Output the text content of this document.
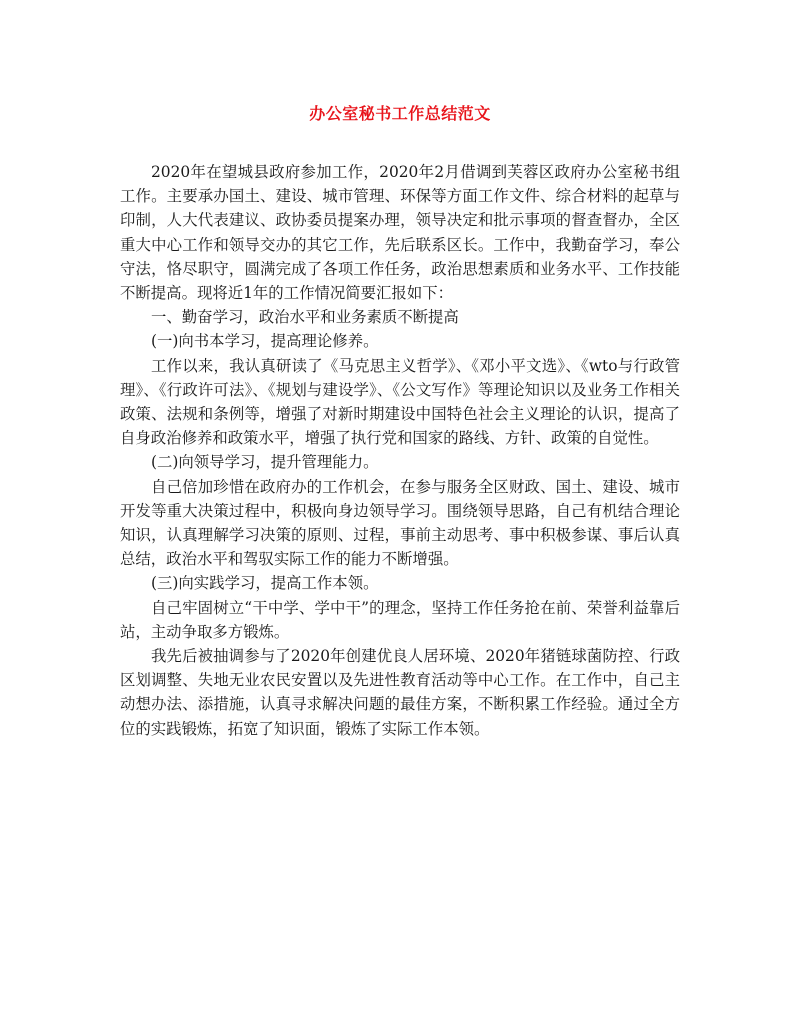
办公室秘书工作总结范文

2020年在望城县政府参加工作，2020年2月借调到芙蓉区政府办公室秘书组工作。主要承办国土、建设、城市管理、环保等方面工作文件、综合材料的起草与印制，人大代表建议、政协委员提案办理，领导决定和批示事项的督查督办，全区重大中心工作和领导交办的其它工作，先后联系区长。工作中，我勤奋学习，奉公守法，恪尽职守，圆满完成了各项工作任务，政治思想素质和业务水平、工作技能不断提高。现将近1年的工作情况简要汇报如下：

一、勤奋学习，政治水平和业务素质不断提高

(一)向书本学习，提高理论修养。

工作以来，我认真研读了《马克思主义哲学》、《邓小平文选》、《wto与行政管理》、《行政许可法》、《规划与建设学》、《公文写作》等理论知识以及业务工作相关政策、法规和条例等，增强了对新时期建设中国特色社会主义理论的认识，提高了自身政治修养和政策水平，增强了执行党和国家的路线、方针、政策的自觉性。

(二)向领导学习，提升管理能力。

自己倍加珍惜在政府办的工作机会，在参与服务全区财政、国土、建设、城市开发等重大决策过程中，积极向身边领导学习。围绕领导思路，自己有机结合理论知识，认真理解学习决策的原则、过程，事前主动思考、事中积极参谋、事后认真总结，政治水平和驾驭实际工作的能力不断增强。

(三)向实践学习，提高工作本领。

自己牢固树立“干中学、学中干”的理念，坚持工作任务抢在前、荣誉利益靠后站，主动争取多方锻炼。

我先后被抽调参与了2020年创建优良人居环境、2020年猪链球菌防控、行政区划调整、失地无业农民安置以及先进性教育活动等中心工作。在工作中，自己主动想办法、添措施，认真寻求解决问题的最佳方案，不断积累工作经验。通过全方位的实践锻炼，拓宽了知识面，锻炼了实际工作本领。
